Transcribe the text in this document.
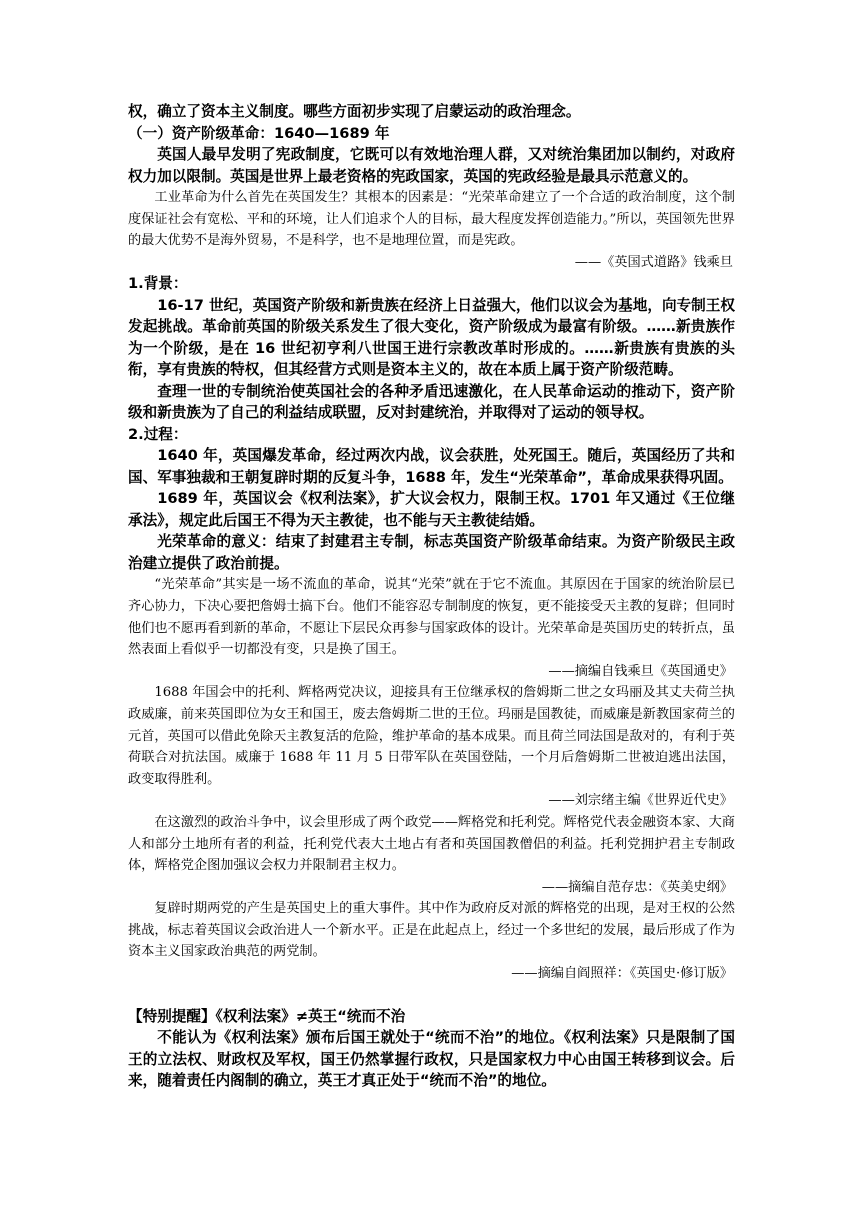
权，确立了资本主义制度。哪些方面初步实现了启蒙运动的政治理念。

（一）资产阶级革命：1640—1689 年

英国人最早发明了宪政制度，它既可以有效地治理人群，又对统治集团加以制约，对政府权力加以限制。英国是世界上最老资格的宪政国家，英国的宪政经验是最具示范意义的。

工业革命为什么首先在英国发生？其根本的因素是：“光荣革命建立了一个合适的政治制度，这个制度保证社会有宽松、平和的环境，让人们追求个人的目标，最大程度发挥创造能力。”所以，英国领先世界的最大优势不是海外贸易，不是科学，也不是地理位置，而是宪政。

——《英国式道路》钱乘旦

1.背景：

16-17 世纪，英国资产阶级和新贵族在经济上日益强大，他们以议会为基地，向专制王权发起挑战。革命前英国的阶级关系发生了很大变化，资产阶级成为最富有阶级。……新贵族作为一个阶级，是在 16 世纪初亨利八世国王进行宗教改革时形成的。……新贵族有贵族的头衔，享有贵族的特权，但其经营方式则是资本主义的，故在本质上属于资产阶级范畴。

查理一世的专制统治使英国社会的各种矛盾迅速激化，在人民革命运动的推动下，资产阶级和新贵族为了自己的利益结成联盟，反对封建统治，并取得对了运动的领导权。

2.过程：

1640 年，英国爆发革命，经过两次内战，议会获胜，处死国王。随后，英国经历了共和国、军事独裁和王朝复辟时期的反复斗争，1688 年，发生“光荣革命”，革命成果获得巩固。

1689 年，英国议会《权利法案》，扩大议会权力，限制王权。1701 年又通过《王位继承法》，规定此后国王不得为天主教徒，也不能与天主教徒结婚。

光荣革命的意义：结束了封建君主专制，标志英国资产阶级革命结束。为资产阶级民主政治建立提供了政治前提。

“光荣革命”其实是一场不流血的革命，说其“光荣”就在于它不流血。其原因在于国家的统治阶层已齐心协力，下决心要把詹姆士搞下台。他们不能容忍专制制度的恢复，更不能接受天主教的复辟；但同时他们也不愿再看到新的革命，不愿让下层民众再参与国家政体的设计。光荣革命是英国历史的转折点，虽然表面上看似乎一切都没有变，只是换了国王。

——摘编自钱乘旦《英国通史》

1688 年国会中的托利、辉格两党决议，迎接具有王位继承权的詹姆斯二世之女玛丽及其丈夫荷兰执政威廉，前来英国即位为女王和国王，废去詹姆斯二世的王位。玛丽是国教徒，而威廉是新教国家荷兰的元首，英国可以借此免除天主教复活的危险，维护革命的基本成果。而且荷兰同法国是敌对的，有利于英荷联合对抗法国。威廉于 1688 年 11 月 5 日带军队在英国登陆，一个月后詹姆斯二世被迫逃出法国，政变取得胜利。

——刘宗绪主编《世界近代史》

在这激烈的政治斗争中，议会里形成了两个政党——辉格党和托利党。辉格党代表金融资本家、大商人和部分土地所有者的利益，托利党代表大土地占有者和英国国教僧侣的利益。托利党拥护君主专制政体，辉格党企图加强议会权力并限制君主权力。

——摘编自范存忠：《英美史纲》

复辟时期两党的产生是英国史上的重大事件。其中作为政府反对派的辉格党的出现，是对王权的公然挑战，标志着英国议会政治进人一个新水平。正是在此起点上，经过一个多世纪的发展，最后形成了作为资本主义国家政治典范的两党制。

——摘编自阎照祥：《英国史·修订版》

【特别提醒】《权利法案》≠英王“统而不治

不能认为《权利法案》颁布后国王就处于“统而不治”的地位。《权利法案》只是限制了国王的立法权、财政权及军权，国王仍然掌握行政权，只是国家权力中心由国王转移到议会。后来，随着责任内阁制的确立，英王才真正处于“统而不治”的地位。
